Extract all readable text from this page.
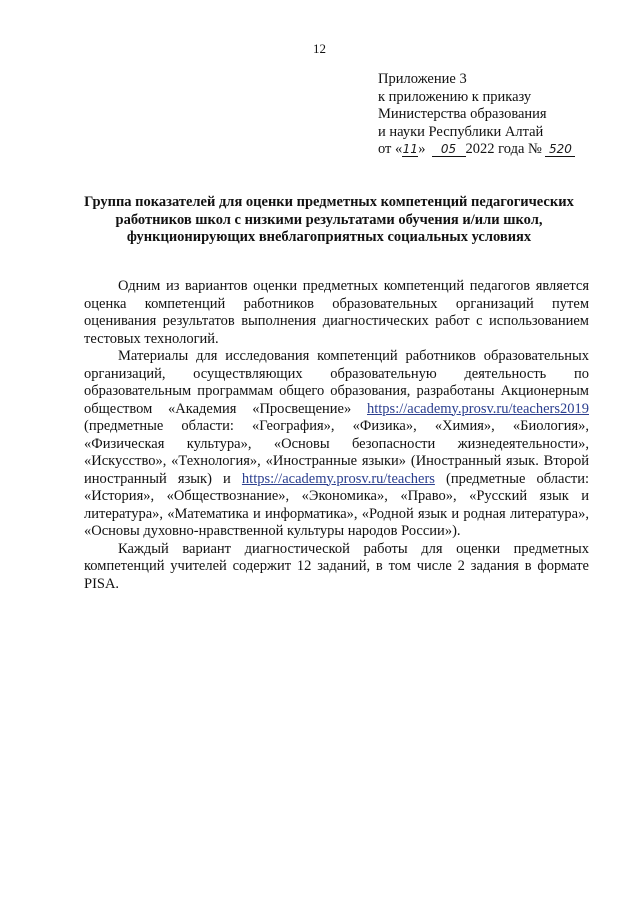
12
Приложение 3
к приложению к приказу
Министерства образования
и науки Республики Алтай
от «11» 05 2022 года № 520
Группа показателей для оценки предметных компетенций педагогических работников школ с низкими результатами обучения и/или школ, функционирующих внеблагоприятных социальных условиях

Одним из вариантов оценки предметных компетенций педагогов является оценка компетенций работников образовательных организаций путем оценивания результатов выполнения диагностических работ с использованием тестовых технологий.

Материалы для исследования компетенций работников образовательных организаций, осуществляющих образовательную деятельность по образовательным программам общего образования, разработаны Акционерным обществом «Академия «Просвещение» https://academy.prosv.ru/teachers2019 (предметные области: «География», «Физика», «Химия», «Биология», «Физическая культура», «Основы безопасности жизнедеятельности», «Искусство», «Технология», «Иностранные языки» (Иностранный язык. Второй иностранный язык) и https://academy.prosv.ru/teachers (предметные области: «История», «Обществознание», «Экономика», «Право», «Русский язык и литература», «Математика и информатика», «Родной язык и родная литература», «Основы духовно-нравственной культуры народов России»).

Каждый вариант диагностической работы для оценки предметных компетенций учителей содержит 12 заданий, в том числе 2 задания в формате PISA.
